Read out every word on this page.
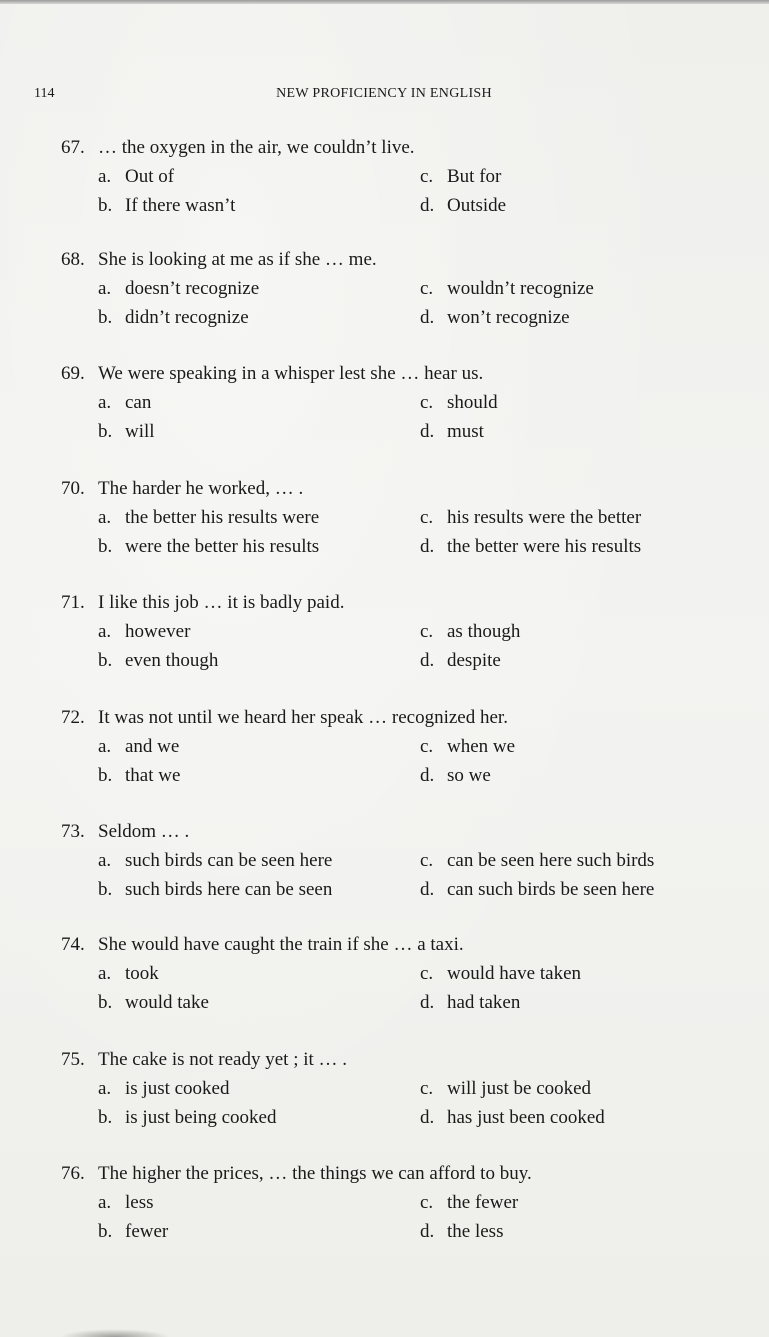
114	NEW PROFICIENCY IN ENGLISH
67. … the oxygen in the air, we couldn’t live.
a. Out of
b. If there wasn’t
c. But for
d. Outside
68. She is looking at me as if she … me.
a. doesn’t recognize
b. didn’t recognize
c. wouldn’t recognize
d. won’t recognize
69. We were speaking in a whisper lest she … hear us.
a. can
b. will
c. should
d. must
70. The harder he worked, … .
a. the better his results were
b. were the better his results
c. his results were the better
d. the better were his results
71. I like this job … it is badly paid.
a. however
b. even though
c. as though
d. despite
72. It was not until we heard her speak … recognized her.
a. and we
b. that we
c. when we
d. so we
73. Seldom … .
a. such birds can be seen here
b. such birds here can be seen
c. can be seen here such birds
d. can such birds be seen here
74. She would have caught the train if she … a taxi.
a. took
b. would take
c. would have taken
d. had taken
75. The cake is not ready yet ; it … .
a. is just cooked
b. is just being cooked
c. will just be cooked
d. has just been cooked
76. The higher the prices, … the things we can afford to buy.
a. less
b. fewer
c. the fewer
d. the less
